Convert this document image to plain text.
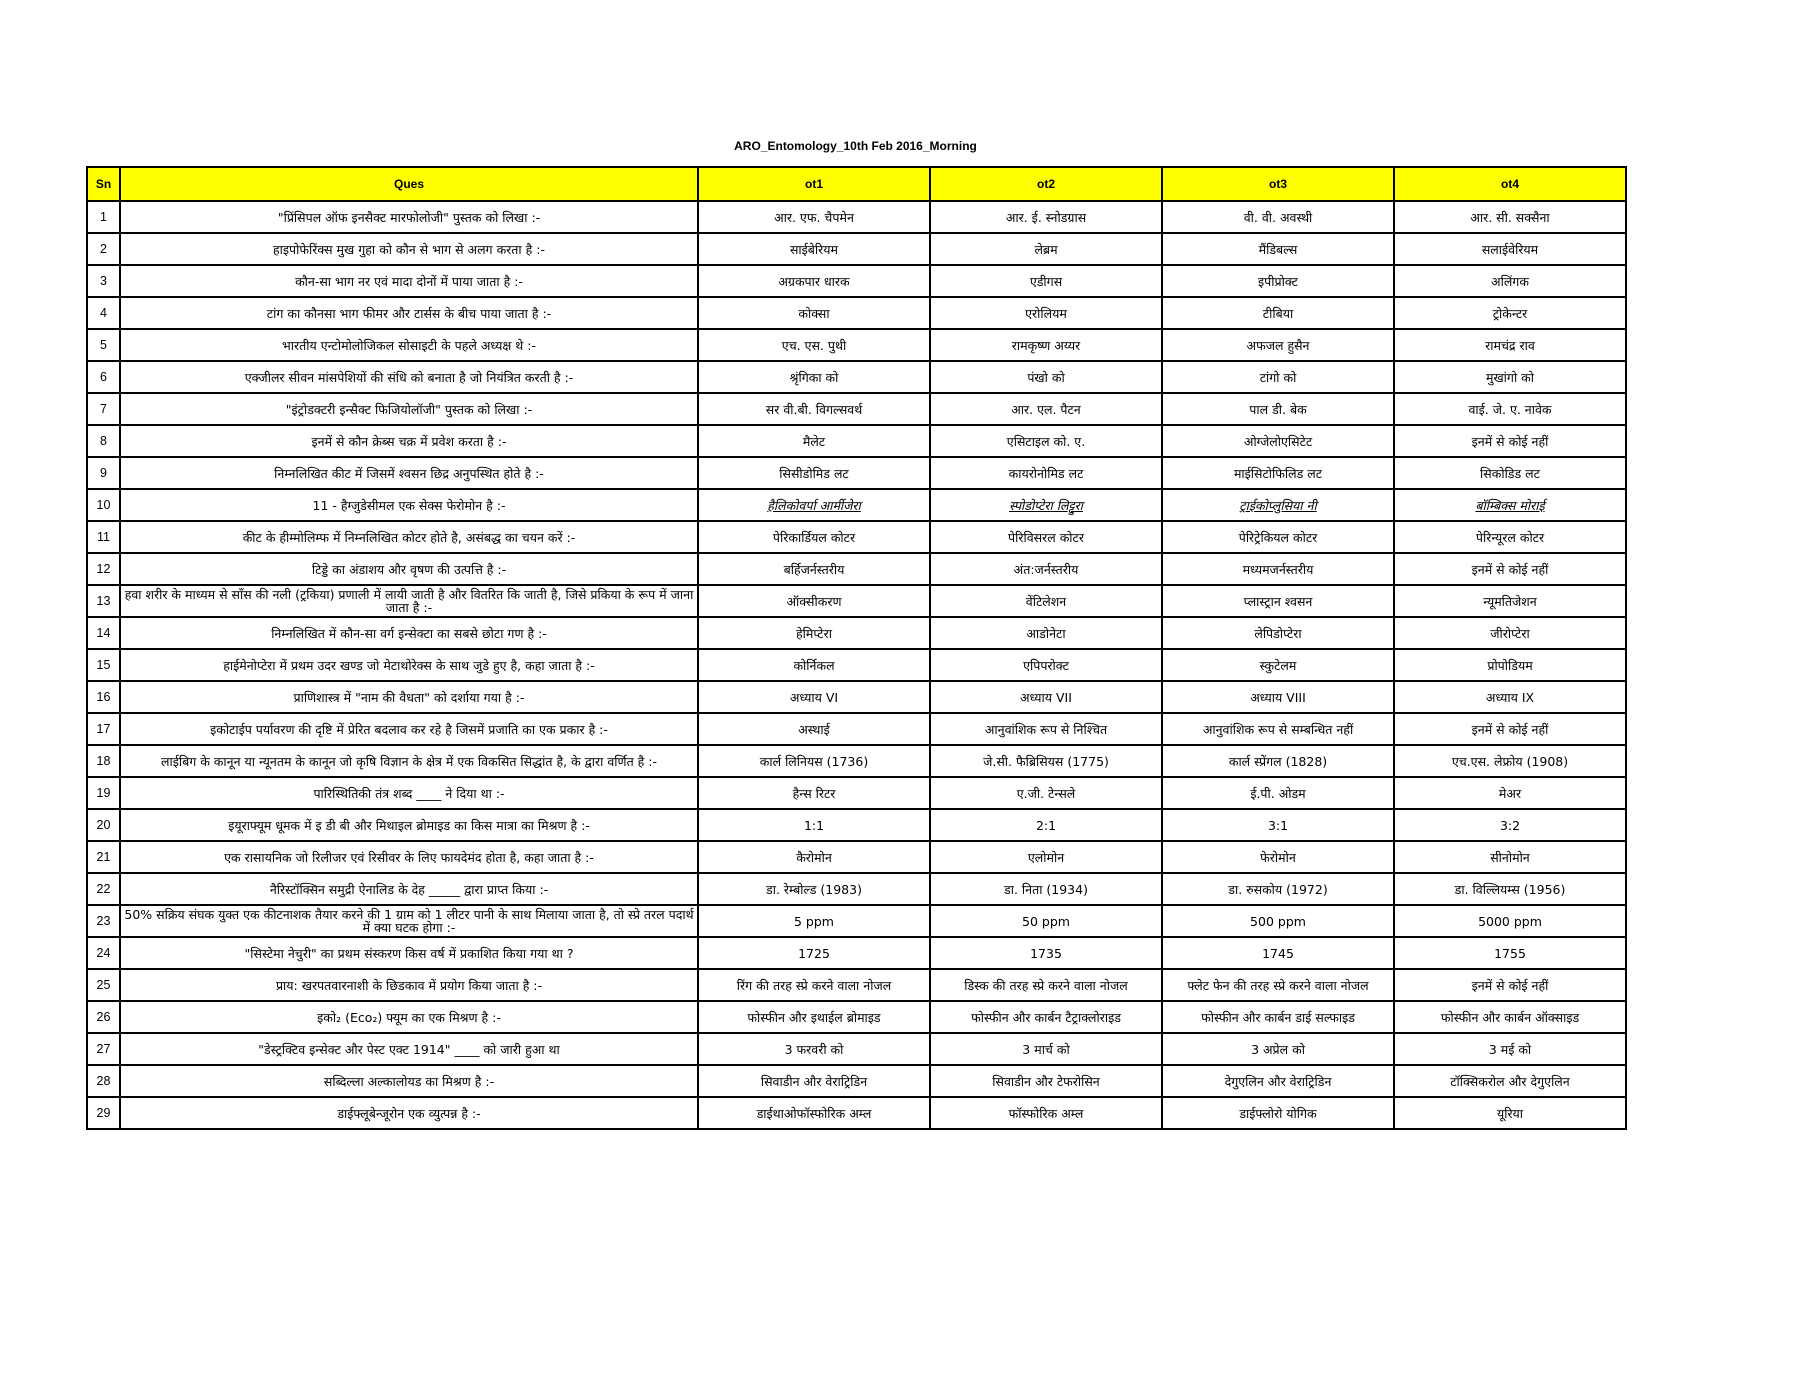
ARO_Entomology_10th Feb 2016_Morning
Sn	Ques	ot1	ot2	ot3	ot4
1	"प्रिंसिपल ऑफ इनसैक्ट मारफोलोजी" पुस्तक को लिखा :-	आर. एफ. चैपमेन	आर. ई. स्नोडग्रास	वी. वी. अवस्थी	आर. सी. सक्सैना
2	हाइपोफेरिंक्स मुख गुहा को कौन से भाग से अलग करता है :-	साईबेरियम	लेब्रम	मैंडिबल्स	सलाईवेरियम
3	कौन-सा भाग नर एवं मादा दोनों में पाया जाता है :-	अग्रकपार धारक	एडीगस	इपीप्रोक्ट	अलिंगक
4	टांग का कौनसा भाग फीमर और टार्सस के बीच पाया जाता है :-	कोक्सा	एरोलियम	टीबिया	ट्रोकेन्टर
5	भारतीय एन्टोमोलोजिकल सोसाइटी के पहले अध्यक्ष थे :-	एच. एस. पुथी	रामकृष्ण अय्यर	अफजल हुसैन	रामचंद्र राव
6	एक्जीलर सीवन मांसपेशियों की संधि को बनाता है जो नियंत्रित करती है :-	श्रृंगिका को	पंखो को	टांगो को	मुखांगो को
7	"इंट्रोडक्टरी इन्सैक्ट फिजियोलॉजी" पुस्तक को लिखा :-	सर वी.बी. विगल्सवर्थ	आर. एल. पैटन	पाल डी. बेक	वाई. जे. ए. नावेक
8	इनमें से कौन क्रेब्स चक्र में प्रवेश करता है :-	मैलेट	एसिटाइल को. ए.	ओग्जेलोएसिटेट	इनमें से कोई नहीं
9	निम्नलिखित कीट में जिसमें श्वसन छिद्र अनुपस्थित होते है :-	सिसीडोमिड लट	कायरोनोमिड लट	माईसिटोफिलिड लट	सिकोडिड लट
10	11 - हैग्जुडेसीमल एक सेक्स फेरोमोन है :-	हैलिकोवर्पा आर्मीजेरा	स्पोडोप्टेरा लिट्टुरा	ट्राईकोप्लुसिया नी	बॉम्बिक्स मोराई
11	कीट के हीम्मोलिम्फ में निम्नलिखित कोटर होते है, असंबद्ध का चयन करें :-	पेरिकार्डियल कोटर	पेरिविसरल कोटर	पेरिट्रेकियल कोटर	पेरिन्यूरल कोटर
12	टिड्डे का अंडाशय और वृषण की उत्पत्ति है :-	बर्हिजर्नस्तरीय	अंत:जर्नस्तरीय	मध्यमजर्नस्तरीय	इनमें से कोई नहीं
13	हवा शरीर के माध्यम से साँस की नली (ट्रकिया) प्रणाली में लायी जाती है और वितरित कि जाती है, जिसे प्रकिया के रूप में जाना जाता है :-	ऑक्सीकरण	वेंटिलेशन	प्लास्ट्रान श्वसन	न्यूमतिजेशन
14	निम्नलिखित में कौन-सा वर्ग इन्सेक्टा का सबसे छोटा गण है :-	हेमिप्टेरा	आडोनेटा	लेपिडोप्टेरा	जीरोप्टेरा
15	हाईमेनोप्टेरा में प्रथम उदर खण्ड जो मेटाथोरेक्स के साथ जुडे हुए है, कहा जाता है :-	कोर्निकल	एपिपरोक्ट	स्कुटेलम	प्रोपोडियम
16	प्राणिशास्त्र में "नाम की वैधता" को दर्शाया गया है :-	अध्याय VI	अध्याय VII	अध्याय VIII	अध्याय IX
17	इकोटाईप पर्यावरण की दृष्टि में प्रेरित बदलाव कर रहे है जिसमें प्रजाति का एक प्रकार है :-	अस्थाई	आनुवांशिक रूप से निश्चित	आनुवांशिक रूप से सम्बन्धित नहीं	इनमें से कोई नहीं
18	लाईबिग के कानून या न्यूनतम के कानून जो कृषि विज्ञान के क्षेत्र में एक विकसित सिद्धांत है, के द्वारा वर्णित है :-	कार्ल लिनियस (1736)	जे.सी. फैब्रिसियस (1775)	कार्ल स्प्रेंगल (1828)	एच.एस. लेफ्रोय (1908)
19	पारिस्थितिकी तंत्र शब्द ____ ने दिया था :-	हैन्स रिटर	ए.जी. टेन्सले	ई.पी. ओडम	मेअर
20	इयूराफ्यूम धूमक में इ डी बी और मिथाइल ब्रोमाइड का किस मात्रा का मिश्रण है :-	1:1	2:1	3:1	3:2
21	एक रासायनिक जो रिलीजर एवं रिसीवर के लिए फायदेमंद होता है, कहा जाता है :-	कैरोमोन	एलोमोन	फेरोमोन	सीनोमोन
22	नैरिस्टॉक्सिन समुद्री ऐनालिड के देह _____ द्वारा प्राप्त किया :-	डा. रेम्बोल्ड (1983)	डा. निता (1934)	डा. रुसकोय (1972)	डा. विल्लियम्स (1956)
23	50% सक्रिय संघक युक्त एक कीटनाशक तैयार करने की 1 ग्राम को 1 लीटर पानी के साथ मिलाया जाता है, तो स्प्रे तरल पदार्थ में क्या घटक होगा :-	5 ppm	50 ppm	500 ppm	5000 ppm
24	"सिस्टेमा नेचुरी" का प्रथम संस्करण किस वर्ष में प्रकाशित किया गया था ?	1725	1735	1745	1755
25	प्राय: खरपतवारनाशी के छिडकाव में प्रयोग किया जाता है :-	रिंग की तरह स्प्रे करने वाला नोजल	डिस्क की तरह स्प्रे करने वाला नोजल	फ्लेट फेन की तरह स्प्रे करने वाला नोजल	इनमें से कोई नहीं
26	इको₂ (Eco₂) फ्यूम का एक मिश्रण है :-	फोस्फीन और इथाईल ब्रोमाइड	फोस्फीन और कार्बन टैट्राक्लोराइड	फोस्फीन और कार्बन डाई सल्फाइड	फोस्फीन और कार्बन ऑक्साइड
27	"डेस्ट्रक्टिव इन्सेक्ट और पेस्ट एक्ट 1914" ____ को जारी हुआ था	3 फरवरी को	3 मार्च को	3 अप्रेल को	3 मई को
28	सब्दिल्ला अल्कालोयड का मिश्रण है :-	सिवाडीन और वेराट्रिडिन	सिवाडीन और टेफरोसिन	देगुएलिन और वेराट्रिडिन	टॉक्सिकरोल और देगुएलिन
29	डाईफ्लूबेन्जूरोन एक व्युत्पन्न है :-	डाईथाओफॉस्फोरिक अम्ल	फॉस्फोरिक अम्ल	डाईफ्लोरो योगिक	यूरिया
